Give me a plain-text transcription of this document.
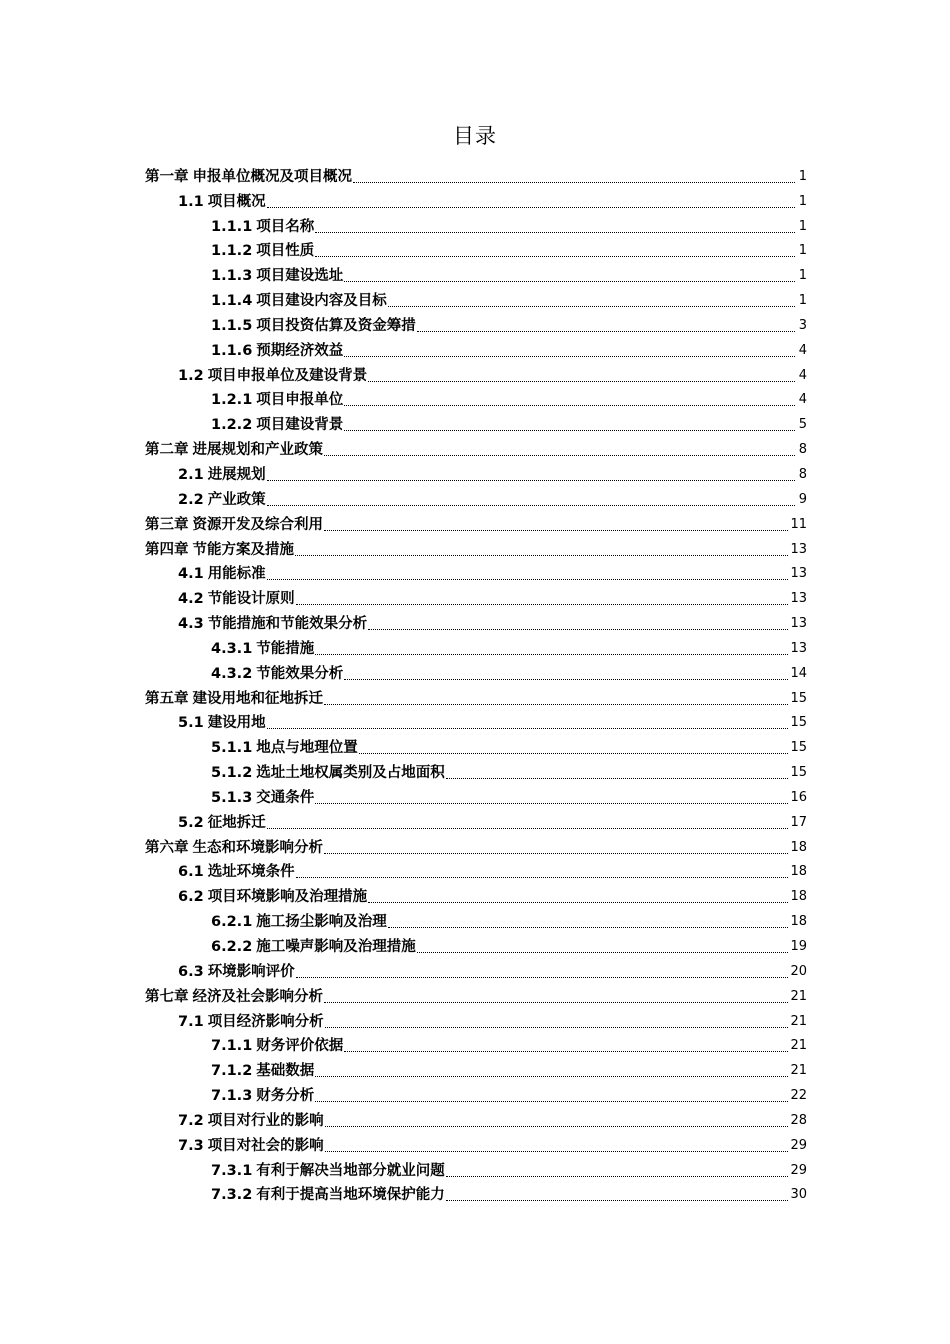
目录
第一章 申报单位概况及项目概况	1
1.1 项目概况	1
1.1.1 项目名称	1
1.1.2 项目性质	1
1.1.3 项目建设选址	1
1.1.4 项目建设内容及目标	1
1.1.5 项目投资估算及资金筹措	3
1.1.6 预期经济效益	4
1.2 项目申报单位及建设背景	4
1.2.1 项目申报单位	4
1.2.2 项目建设背景	5
第二章 进展规划和产业政策	8
2.1 进展规划	8
2.2 产业政策	9
第三章 资源开发及综合利用	11
第四章 节能方案及措施	13
4.1 用能标准	13
4.2 节能设计原则	13
4.3 节能措施和节能效果分析	13
4.3.1 节能措施	13
4.3.2 节能效果分析	14
第五章 建设用地和征地拆迁	15
5.1 建设用地	15
5.1.1 地点与地理位置	15
5.1.2 选址土地权属类别及占地面积	15
5.1.3 交通条件	16
5.2 征地拆迁	17
第六章 生态和环境影响分析	18
6.1 选址环境条件	18
6.2 项目环境影响及治理措施	18
6.2.1 施工扬尘影响及治理	18
6.2.2 施工噪声影响及治理措施	19
6.3 环境影响评价	20
第七章 经济及社会影响分析	21
7.1 项目经济影响分析	21
7.1.1 财务评价依据	21
7.1.2 基础数据	21
7.1.3 财务分析	22
7.2 项目对行业的影响	28
7.3 项目对社会的影响	29
7.3.1 有利于解决当地部分就业问题	29
7.3.2 有利于提高当地环境保护能力	30
